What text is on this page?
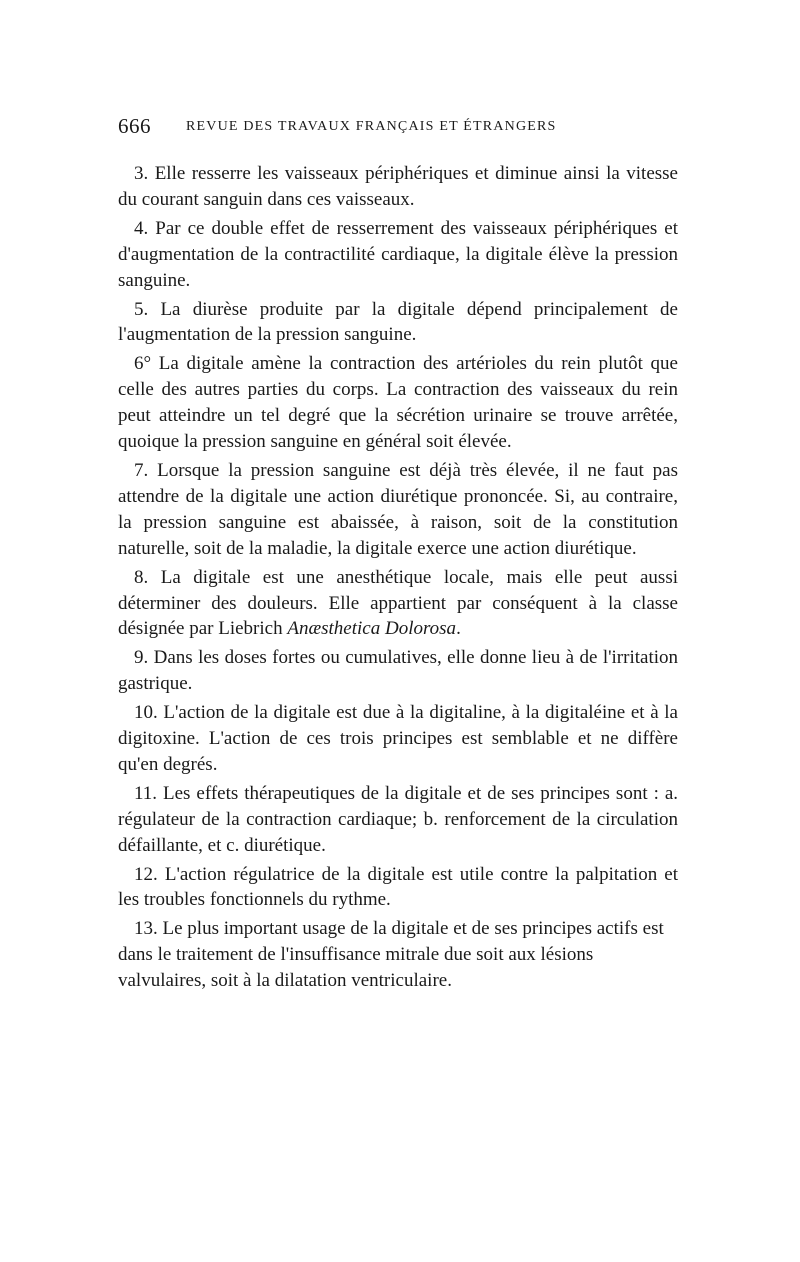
666	REVUE DES TRAVAUX FRANÇAIS ET ÉTRANGERS

3. Elle resserre les vaisseaux périphériques et diminue ainsi la vitesse du courant sanguin dans ces vaisseaux.

4. Par ce double effet de resserrement des vaisseaux périphériques et d'augmentation de la contractilité cardiaque, la digitale élève la pression sanguine.

5. La diurèse produite par la digitale dépend principalement de l'augmentation de la pression sanguine.

6° La digitale amène la contraction des artérioles du rein plutôt que celle des autres parties du corps. La contraction des vaisseaux du rein peut atteindre un tel degré que la sécrétion urinaire se trouve arrêtée, quoique la pression sanguine en général soit élevée.

7. Lorsque la pression sanguine est déjà très élevée, il ne faut pas attendre de la digitale une action diurétique prononcée. Si, au contraire, la pression sanguine est abaissée, à raison, soit de la constitution naturelle, soit de la maladie, la digitale exerce une action diurétique.

8. La digitale est une anesthétique locale, mais elle peut aussi déterminer des douleurs. Elle appartient par conséquent à la classe désignée par Liebrich Anæsthetica Dolorosa.

9. Dans les doses fortes ou cumulatives, elle donne lieu à de l'irritation gastrique.

10. L'action de la digitale est due à la digitaline, à la digitaléine et à la digitoxine. L'action de ces trois principes est semblable et ne diffère qu'en degrés.

11. Les effets thérapeutiques de la digitale et de ses principes sont : a. régulateur de la contraction cardiaque; b. renforcement de la circulation défaillante, et c. diurétique.

12. L'action régulatrice de la digitale est utile contre la palpitation et les troubles fonctionnels du rythme.

13. Le plus important usage de la digitale et de ses principes actifs est dans le traitement de l'insuffisance mitrale due soit aux lésions valvulaires, soit à la dilatation ventriculaire.
